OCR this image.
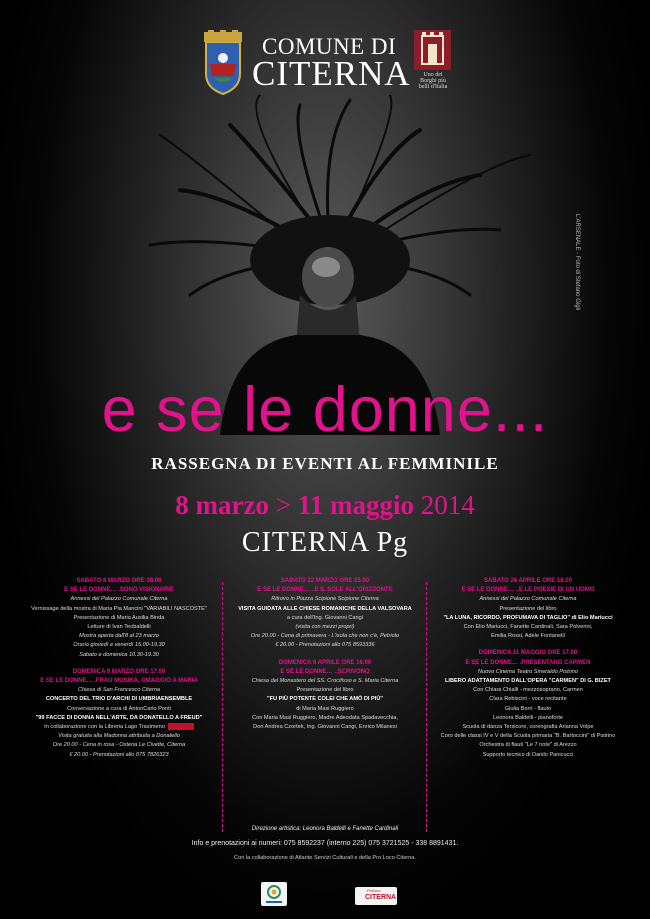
COMUNE DI
CITERNA	Uno dei Borghi più belli d'Italia
L'ARSENALE - Foto di Stefano Gigli
e se le donne...
RASSEGNA DI EVENTI AL FEMMINILE
8 marzo > 11 maggio 2014
CITERNA Pg
SABATO 8 MARZO ORE 18.00
E SE LE DONNE… .SONO VISIONARIE
Annessi del Palazzo Comunale Citerna
Vernissage della mostra di Maria Pia Mancini "VARIABILI NASCOSTE"
Presentazione di Maria Ausilia Binda
Letture di Ivan Teobaldelli
Mostra aperta dall'8 al 23 marzo
Orario giovedì e venerdì 15.00-19.30
Sabato e domenica 10.30-19.30
DOMENICA 9 MARZO ORE 17.00
E SE LE DONNE… .FRAU MUSIKA, OMAGGIO A MARIA
Chiesa di San Francesco Citerna
CONCERTO DEL TRIO D'ARCHI DI UMBRIAENSEMBLE
Conversazione a cura di AntonCarlo Ponti
"99 FACCE DI DONNA NELL'ARTE, DA DONATELLO A FREUD"
In collaborazione con la Libreria Lago Trasimeno
Visita gratuita alla Madonna attribuita a Donatello
Ore 20.00 - Cena in rosa - Osteria Le Civette, Citerna
€ 20.00 - Prenotazioni allo 075 7826323
SABATO 22 MARZO ORE 15.00
E SE LE DONNE… ..E IL SOLE ALL'ORIZZONTE
Ritrovo in Piazza Scipione Scipione Citerna
VISITA GUIDATA ALLE CHIESE ROMANICHE DELLA VALSOVARA
a cura dell'Ing. Giovanni Cangi
(visita con mezzi propri)
Ore 20.00 - Cena di primavera - L'isola che non c'è, Petriolo
€ 20.00 - Prenotazioni allo 075 8593336
DOMENICA 6 APRILE ORE 16.00
E SE LE DONNE… ..SCRIVONO
Chiesa del Monastero del SS. Crocifisso e S. Maria Citerna
Presentazione del libro
"FU PIÙ POTENTE COLEI CHE AMÒ DI PIÙ"
di Maria Masi Ruggiero
Con Maria Masi Ruggiero, Madre Adeodata Spadavecchia,
Don Andrea Czortek, Ing. Giovanni Cangi, Enrico Milanesi
SABATO 26 APRILE ORE 18.00
E SE LE DONNE… ..E LE POESIE DI UN UOMO
Annessi del Palazzo Comunale Citerna
Presentazione del libro
"LA LUNA, RICORDO, PROFUMAVA DI TAGLIO" di Elio Mariucci
Con Elio Mariucci, Fanette Cardinali, Sara Polverini,
Emilia Rossi, Adele Fontanelli
DOMENICA 11 MAGGIO ORE 17.00
E SE LE DONNE… .PRESENTANO CARMEN
Nuovo Cinema Teatro Smeraldo Pistrino
LIBERO ADATTAMENTO DALL'OPERA "CARMEN" DI G. BIZET
Con Chiara Chialli - mezzosoprano, Carmen
Clara Rebiscini - voce recitante
Giulia Borri - flauto
Leonora Baldelli - pianoforte
Scuola di danza Tersicore, coreografia Arianna Volpe
Coro delle classi IV e V della Scuola primaria "B. Bartoccini" di Pistrino
Orchestra di flauti "Le 7 note" di Arezzo
Supporto tecnico di Danilo Panicucci
Direzione artistica: Leonora Baldelli e Fanette Cardinali
Info e prenotazioni ai numeri: 075 8592237 (interno 225) 075 3721525 - 338 8891431.
Con la collaborazione di Atlante Servizi Culturali e della Pro Loco Citerna.
Proloco
CITERNA
